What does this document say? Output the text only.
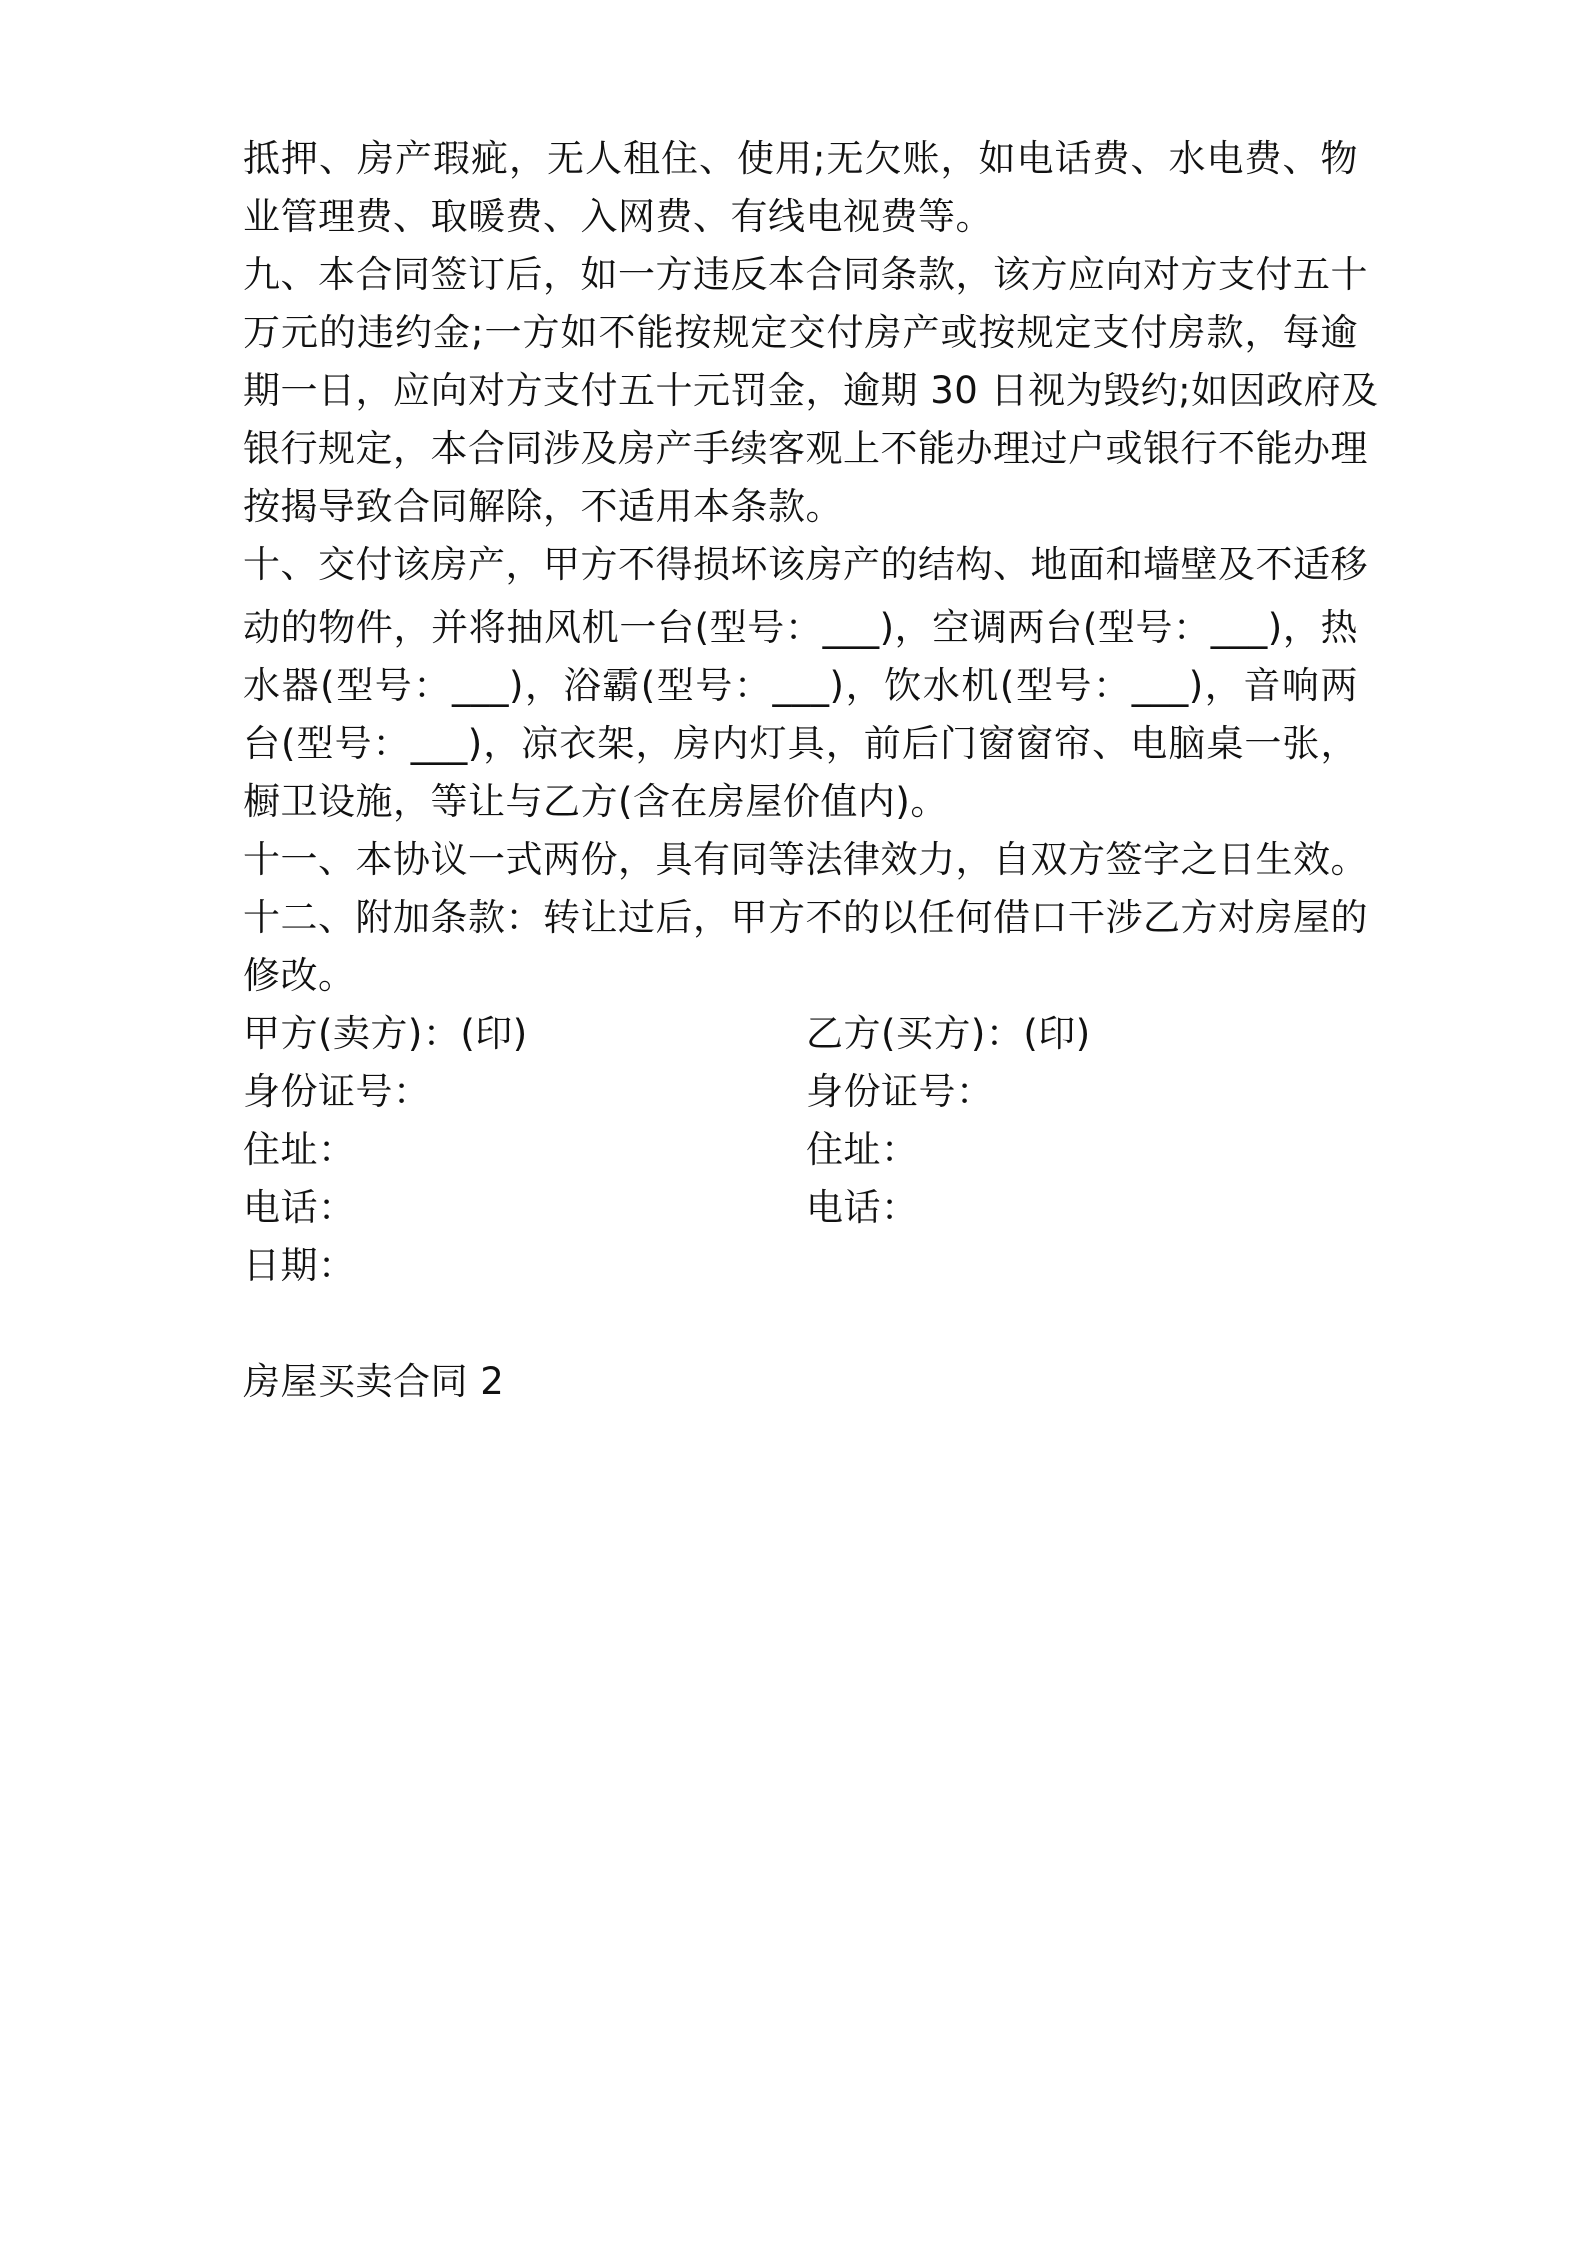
抵押、房产瑕疵，无人租住、使用;无欠账，如电话费、水电费、物
业管理费、取暖费、入网费、有线电视费等。
九、本合同签订后，如一方违反本合同条款，该方应向对方支付五十
万元的违约金;一方如不能按规定交付房产或按规定支付房款，每逾
期一日，应向对方支付五十元罚金，逾期 30 日视为毁约;如因政府及
银行规定，本合同涉及房产手续客观上不能办理过户或银行不能办理
按揭导致合同解除，不适用本条款。
十、交付该房产，甲方不得损坏该房产的结构、地面和墙壁及不适移
动的物件，并将抽风机一台(型号：___)，空调两台(型号：___)，热
水器(型号：___)，浴霸(型号：___)，饮水机(型号：___)，音响两
台(型号：___)，凉衣架，房内灯具，前后门窗窗帘、电脑桌一张，
橱卫设施，等让与乙方(含在房屋价值内)。
十一、本协议一式两份，具有同等法律效力，自双方签字之日生效。
十二、附加条款：转让过后，甲方不的以任何借口干涉乙方对房屋的
修改。
甲方(卖方)：(印)
身份证号：
住址：
电话：
日期：
乙方(买方)：(印)
身份证号：
住址：
电话：
房屋买卖合同 2
